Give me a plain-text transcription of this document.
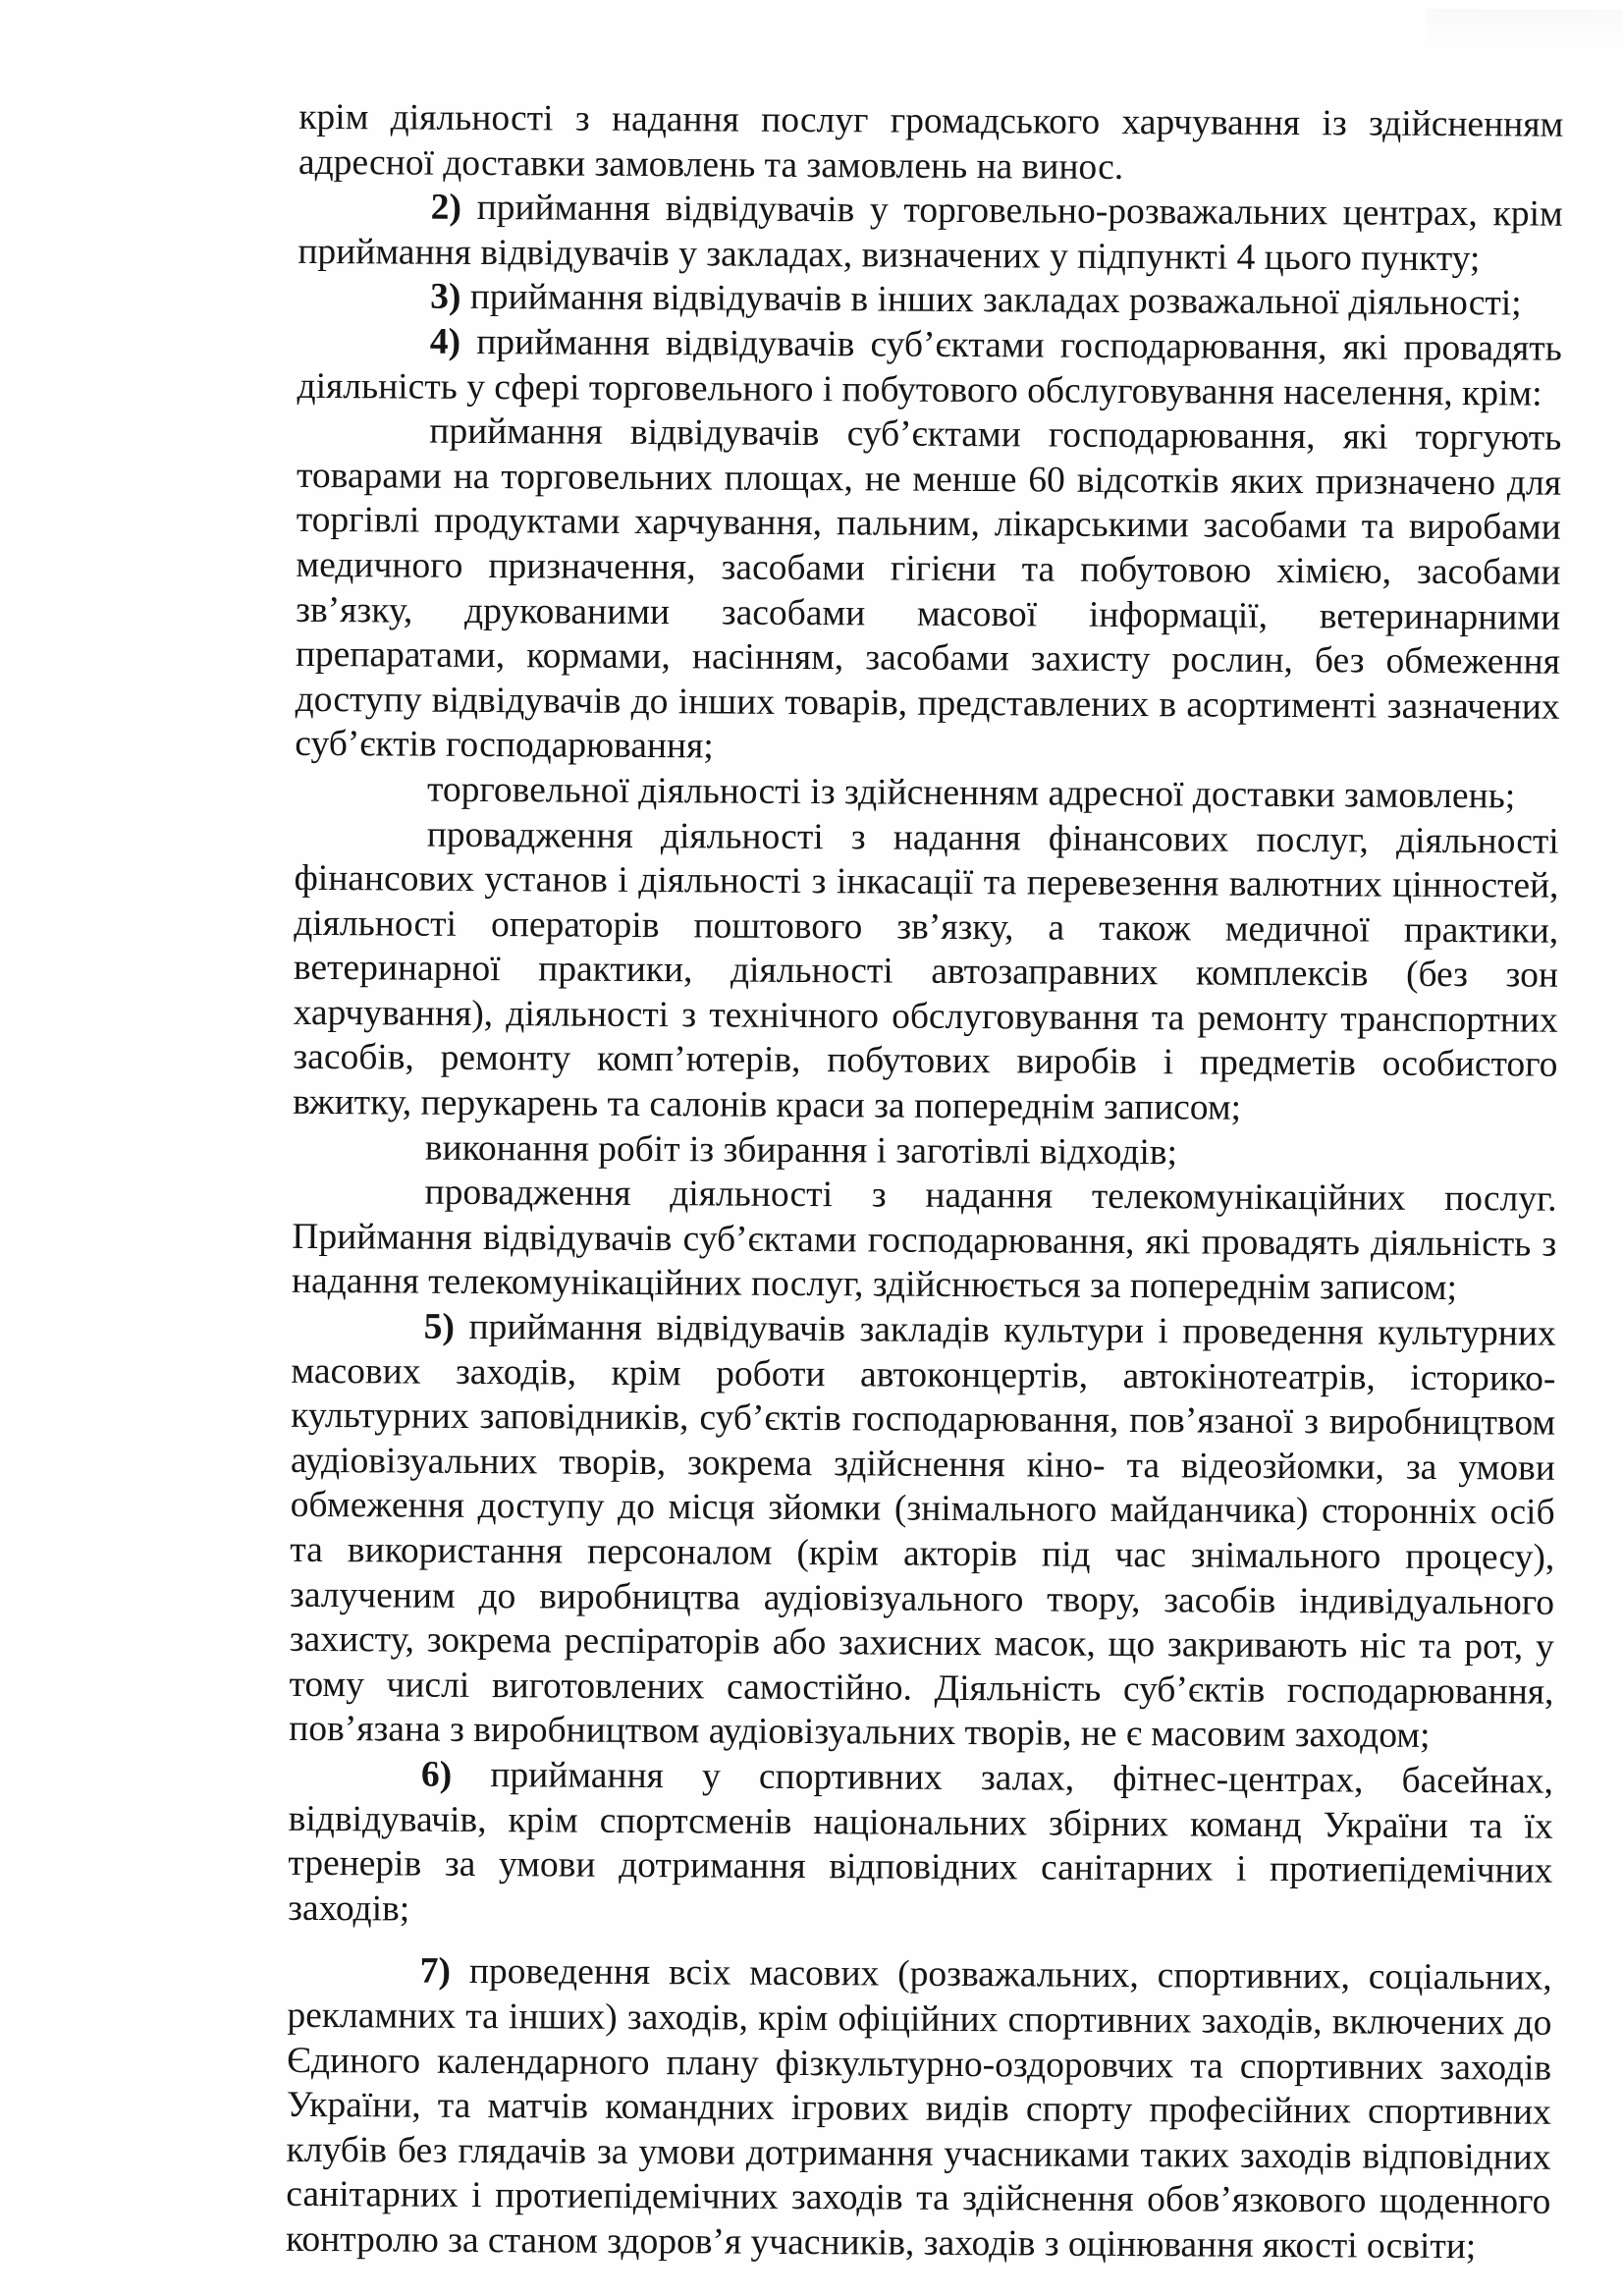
крім діяльності з надання послуг громадського харчування із здійсненням адресної доставки замовлень та замовлень на винос.

2) приймання відвідувачів у торговельно-розважальних центрах, крім приймання відвідувачів у закладах, визначених у підпункті 4 цього пункту;

3) приймання відвідувачів в інших закладах розважальної діяльності;

4) приймання відвідувачів суб’єктами господарювання, які провадять діяльність у сфері торговельного і побутового обслуговування населення, крім:

приймання відвідувачів суб’єктами господарювання, які торгують товарами на торговельних площах, не менше 60 відсотків яких призначено для торгівлі продуктами харчування, пальним, лікарськими засобами та виробами медичного призначення, засобами гігієни та побутовою хімією, засобами зв’язку, друкованими засобами масової інформації, ветеринарними препаратами, кормами, насінням, засобами захисту рослин, без обмеження доступу відвідувачів до інших товарів, представлених в асортименті зазначених суб’єктів господарювання;

торговельної діяльності із здійсненням адресної доставки замовлень;

провадження діяльності з надання фінансових послуг, діяльності фінансових установ і діяльності з інкасації та перевезення валютних цінностей, діяльності операторів поштового зв’язку, а також медичної практики, ветеринарної практики, діяльності автозаправних комплексів (без зон харчування), діяльності з технічного обслуговування та ремонту транспортних засобів, ремонту комп’ютерів, побутових виробів і предметів особистого вжитку, перукарень та салонів краси за попереднім записом;

виконання робіт із збирання і заготівлі відходів;

провадження діяльності з надання телекомунікаційних послуг. Приймання відвідувачів суб’єктами господарювання, які провадять діяльність з надання телекомунікаційних послуг, здійснюється за попереднім записом;

5) приймання відвідувачів закладів культури і проведення культурних масових заходів, крім роботи автоконцертів, автокінотеатрів, історико-культурних заповідників, суб’єктів господарювання, пов’язаної з виробництвом аудіовізуальних творів, зокрема здійснення кіно- та відеозйомки, за умови обмеження доступу до місця зйомки (знімального майданчика) сторонніх осіб та використання персоналом (крім акторів під час знімального процесу), залученим до виробництва аудіовізуального твору, засобів індивідуального захисту, зокрема респіраторів або захисних масок, що закривають ніс та рот, у тому числі виготовлених самостійно. Діяльність суб’єктів господарювання, пов’язана з виробництвом аудіовізуальних творів, не є масовим заходом;

6) приймання у спортивних залах, фітнес-центрах, басейнах, відвідувачів, крім спортсменів національних збірних команд України та їх тренерів за умови дотримання відповідних санітарних і протиепідемічних заходів;

7) проведення всіх масових (розважальних, спортивних, соціальних, рекламних та інших) заходів, крім офіційних спортивних заходів, включених до Єдиного календарного плану фізкультурно-оздоровчих та спортивних заходів України, та матчів командних ігрових видів спорту професійних спортивних клубів без глядачів за умови дотримання учасниками таких заходів відповідних санітарних і протиепідемічних заходів та здійснення обов’язкового щоденного контролю за станом здоров’я учасників, заходів з оцінювання якості освіти;
